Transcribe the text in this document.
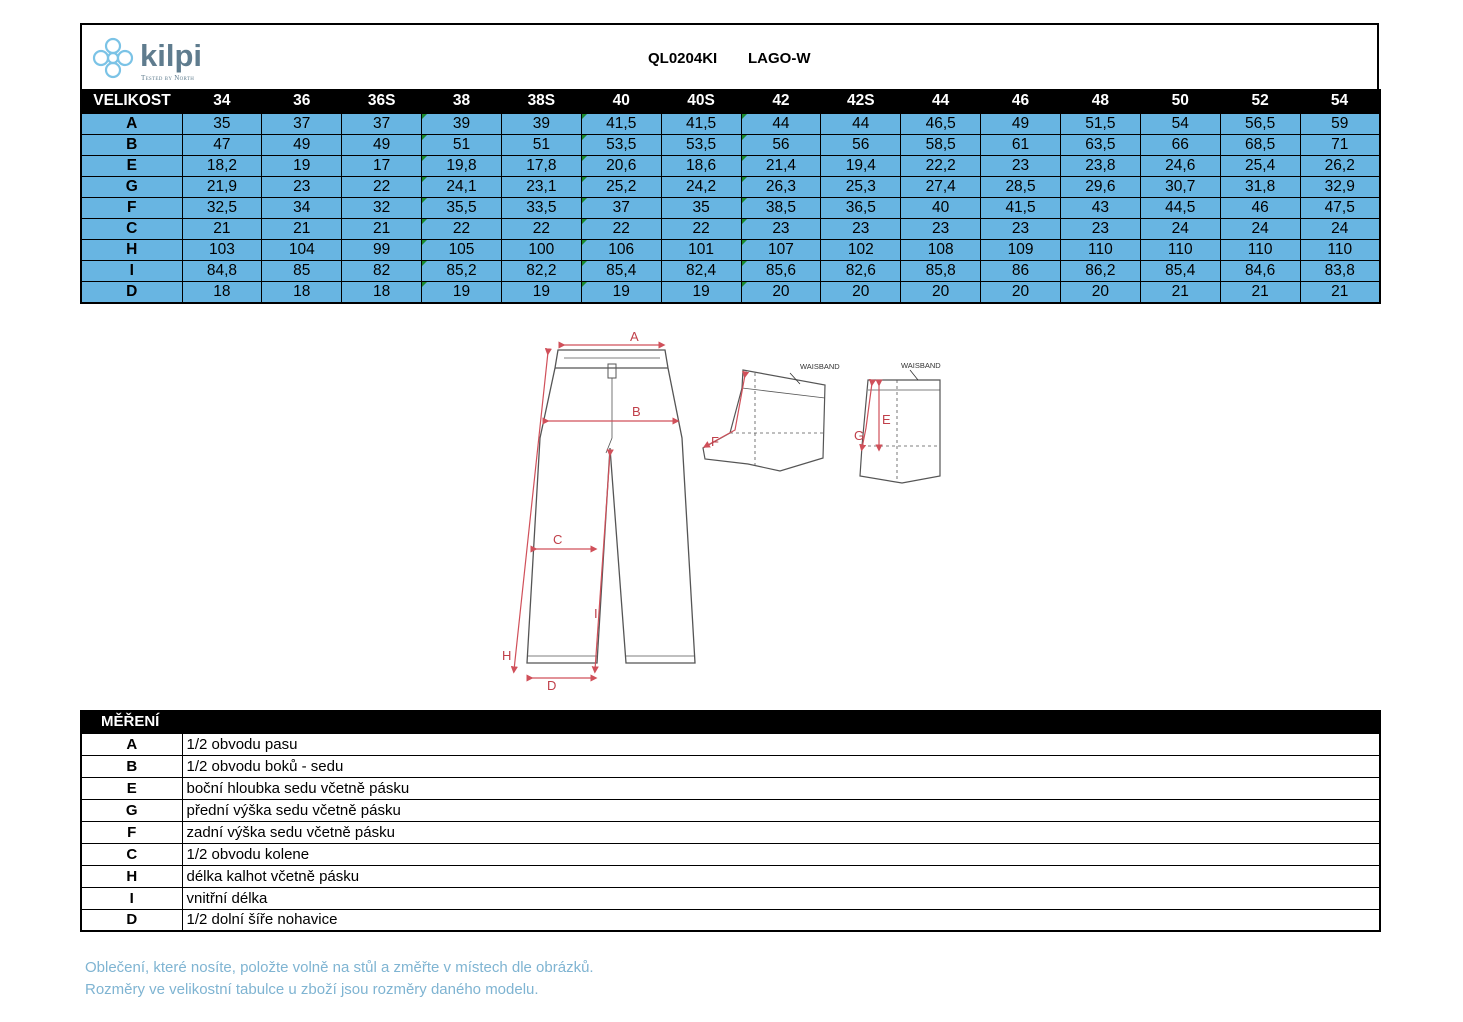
kilpi
Tested by North
QL0204KI LAGO-W
VELIKOST	34	36	36S	38	38S	40	40S	42	42S	44	46	48	50	52	54
A	35	37	37	39	39	41,5	41,5	44	44	46,5	49	51,5	54	56,5	59
B	47	49	49	51	51	53,5	53,5	56	56	58,5	61	63,5	66	68,5	71
E	18,2	19	17	19,8	17,8	20,6	18,6	21,4	19,4	22,2	23	23,8	24,6	25,4	26,2
G	21,9	23	22	24,1	23,1	25,2	24,2	26,3	25,3	27,4	28,5	29,6	30,7	31,8	32,9
F	32,5	34	32	35,5	33,5	37	35	38,5	36,5	40	41,5	43	44,5	46	47,5
C	21	21	21	22	22	22	22	23	23	23	23	23	24	24	24
H	103	104	99	105	100	106	101	107	102	108	109	110	110	110	110
I	84,8	85	82	85,2	82,2	85,4	82,4	85,6	82,6	85,8	86	86,2	85,4	84,6	83,8
D	18	18	18	19	19	19	19	20	20	20	20	20	21	21	21
A
B
C
D
H
I
F
E
G
WAISBAND	WAISBAND
MĚŘENÍ	
A	1/2 obvodu pasu
B	1/2 obvodu boků - sedu
E	boční hloubka sedu včetně pásku
G	přední výška sedu včetně pásku
F	zadní výška sedu včetně pásku
C	1/2 obvodu kolene
H	délka kalhot včetně pásku
I	vnitřní délka
D	1/2 dolní šíře nohavice
Oblečení, které nosíte, položte volně na stůl a změřte v místech dle obrázků.
Rozměry ve velikostní tabulce u zboží jsou rozměry daného modelu.
